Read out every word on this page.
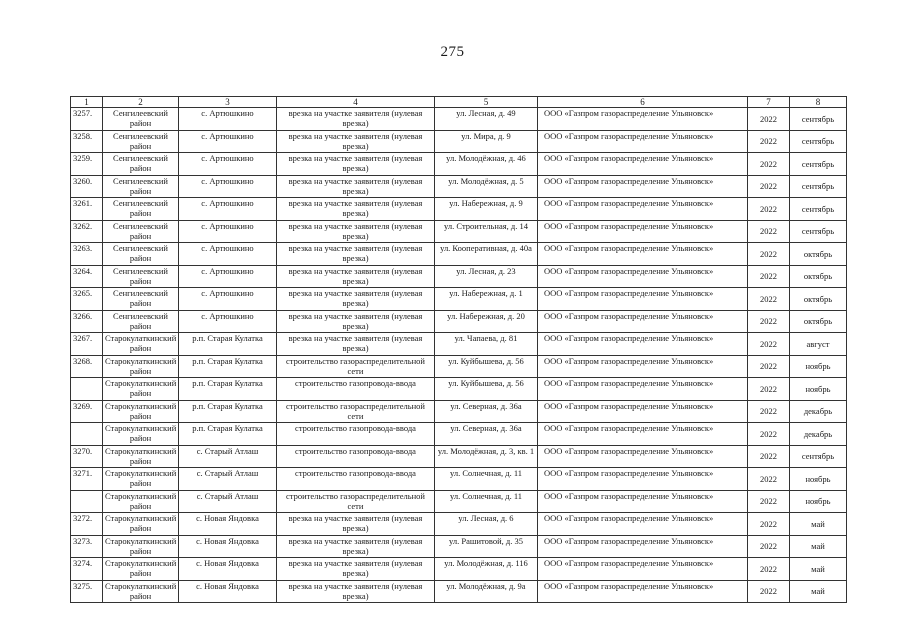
275
1	2	3	4	5	6	7	8
3257.	Сенгилеевский район	с. Артюшкино	врезка на участке заявителя (нулевая врезка)	ул. Лесная, д. 49	ООО «Газпром газораспределение Ульяновск»	2022	сентябрь
3258.	Сенгилеевский район	с. Артюшкино	врезка на участке заявителя (нулевая врезка)	ул. Мира, д. 9	ООО «Газпром газораспределение Ульяновск»	2022	сентябрь
3259.	Сенгилеевский район	с. Артюшкино	врезка на участке заявителя (нулевая врезка)	ул. Молодёжная, д. 46	ООО «Газпром газораспределение Ульяновск»	2022	сентябрь
3260.	Сенгилеевский район	с. Артюшкино	врезка на участке заявителя (нулевая врезка)	ул. Молодёжная, д. 5	ООО «Газпром газораспределение Ульяновск»	2022	сентябрь
3261.	Сенгилеевский район	с. Артюшкино	врезка на участке заявителя (нулевая врезка)	ул. Набережная, д. 9	ООО «Газпром газораспределение Ульяновск»	2022	сентябрь
3262.	Сенгилеевский район	с. Артюшкино	врезка на участке заявителя (нулевая врезка)	ул. Строительная, д. 14	ООО «Газпром газораспределение Ульяновск»	2022	сентябрь
3263.	Сенгилеевский район	с. Артюшкино	врезка на участке заявителя (нулевая врезка)	ул. Кооперативная, д. 40а	ООО «Газпром газораспределение Ульяновск»	2022	октябрь
3264.	Сенгилеевский район	с. Артюшкино	врезка на участке заявителя (нулевая врезка)	ул. Лесная, д. 23	ООО «Газпром газораспределение Ульяновск»	2022	октябрь
3265.	Сенгилеевский район	с. Артюшкино	врезка на участке заявителя (нулевая врезка)	ул. Набережная, д. 1	ООО «Газпром газораспределение Ульяновск»	2022	октябрь
3266.	Сенгилеевский район	с. Артюшкино	врезка на участке заявителя (нулевая врезка)	ул. Набережная, д. 20	ООО «Газпром газораспределение Ульяновск»	2022	октябрь
3267.	Старокулаткинский район	р.п. Старая Кулатка	врезка на участке заявителя (нулевая врезка)	ул. Чапаева, д. 81	ООО «Газпром газораспределение Ульяновск»	2022	август
3268.	Старокулаткинский район	р.п. Старая Кулатка	строительство газораспределительной сети	ул. Куйбышева, д. 56	ООО «Газпром газораспределение Ульяновск»	2022	ноябрь
	Старокулаткинский район	р.п. Старая Кулатка	строительство газопровода-ввода	ул. Куйбышева, д. 56	ООО «Газпром газораспределение Ульяновск»	2022	ноябрь
3269.	Старокулаткинский район	р.п. Старая Кулатка	строительство газораспределительной сети	ул. Северная, д. 36а	ООО «Газпром газораспределение Ульяновск»	2022	декабрь
	Старокулаткинский район	р.п. Старая Кулатка	строительство газопровода-ввода	ул. Северная, д. 36а	ООО «Газпром газораспределение Ульяновск»	2022	декабрь
3270.	Старокулаткинский район	с. Старый Атлаш	строительство газопровода-ввода	ул. Молодёжная, д. 3, кв. 1	ООО «Газпром газораспределение Ульяновск»	2022	сентябрь
3271.	Старокулаткинский район	с. Старый Атлаш	строительство газопровода-ввода	ул. Солнечная, д. 11	ООО «Газпром газораспределение Ульяновск»	2022	ноябрь
	Старокулаткинский район	с. Старый Атлаш	строительство газораспределительной сети	ул. Солнечная, д. 11	ООО «Газпром газораспределение Ульяновск»	2022	ноябрь
3272.	Старокулаткинский район	с. Новая Яндовка	врезка на участке заявителя (нулевая врезка)	ул. Лесная, д. 6	ООО «Газпром газораспределение Ульяновск»	2022	май
3273.	Старокулаткинский район	с. Новая Яндовка	врезка на участке заявителя (нулевая врезка)	ул. Рашитовой, д. 35	ООО «Газпром газораспределение Ульяновск»	2022	май
3274.	Старокулаткинский район	с. Новая Яндовка	врезка на участке заявителя (нулевая врезка)	ул. Молодёжная, д. 116	ООО «Газпром газораспределение Ульяновск»	2022	май
3275.	Старокулаткинский район	с. Новая Яндовка	врезка на участке заявителя (нулевая врезка)	ул. Молодёжная, д. 9а	ООО «Газпром газораспределение Ульяновск»	2022	май
